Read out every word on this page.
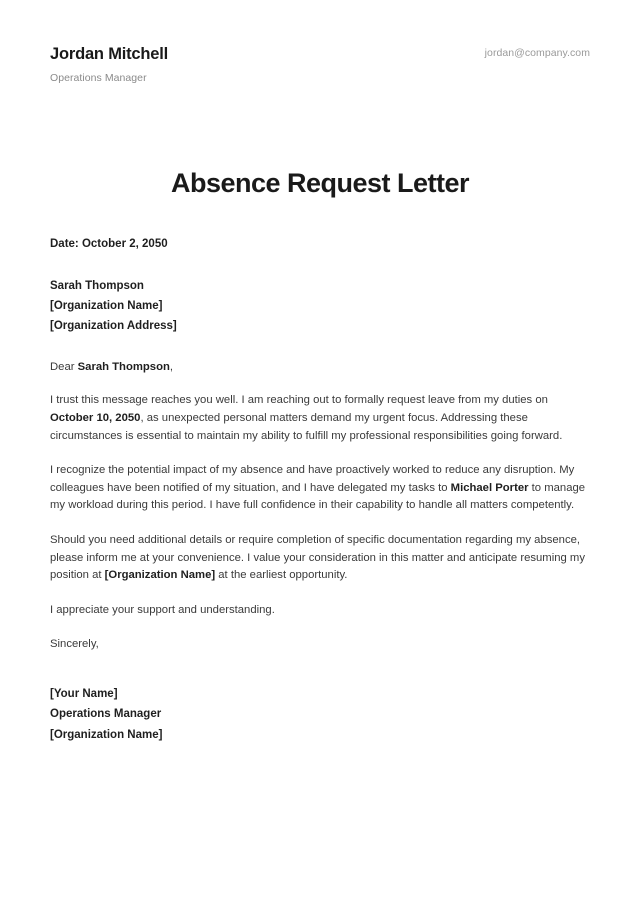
Jordan Mitchell
Operations Manager
jordan@company.com
Absence Request Letter
Date: October 2, 2050
Sarah Thompson
[Organization Name]
[Organization Address]
Dear Sarah Thompson,

I trust this message reaches you well. I am reaching out to formally request leave from my duties on October 10, 2050, as unexpected personal matters demand my urgent focus. Addressing these circumstances is essential to maintain my ability to fulfill my professional responsibilities going forward.

I recognize the potential impact of my absence and have proactively worked to reduce any disruption. My colleagues have been notified of my situation, and I have delegated my tasks to Michael Porter to manage my workload during this period. I have full confidence in their capability to handle all matters competently.

Should you need additional details or require completion of specific documentation regarding my absence, please inform me at your convenience. I value your consideration in this matter and anticipate resuming my position at [Organization Name] at the earliest opportunity.

I appreciate your support and understanding.

Sincerely,

[Your Name]
Operations Manager
[Organization Name]
